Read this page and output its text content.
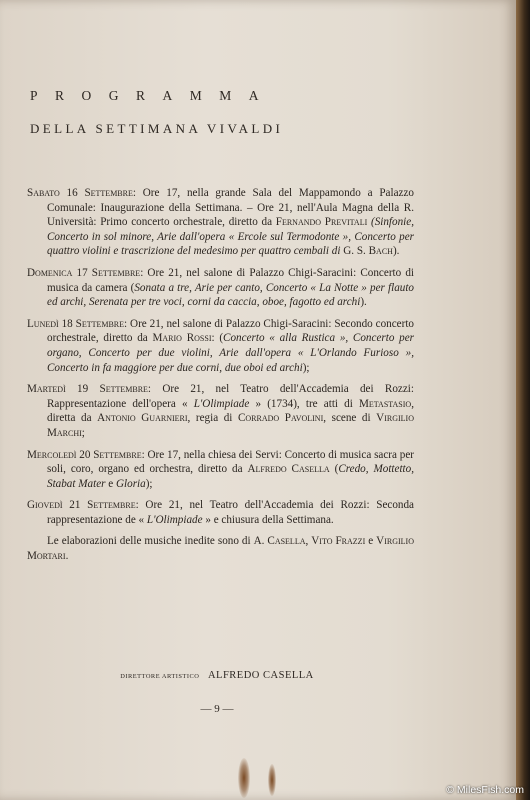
PROGRAMMA
DELLA SETTIMANA VIVALDI

Sabato 16 Settembre: Ore 17, nella grande Sala del Mappamondo a Palazzo Comunale: Inaugurazione della Settimana. – Ore 21, nell'Aula Magna della R. Università: Primo concerto orchestrale, diretto da Fernando Previtali (Sinfonie, Concerto in sol minore, Arie dall'opera « Ercole sul Termodonte », Concerto per quattro violini e trascrizione del medesimo per quattro cembali di G. S. Bach).

Domenica 17 Settembre: Ore 21, nel salone di Palazzo Chigi-Saracini: Concerto di musica da camera (Sonata a tre, Arie per canto, Concerto « La Notte » per flauto ed archi, Serenata per tre voci, corni da caccia, oboe, fagotto ed archi).

Lunedì 18 Settembre: Ore 21, nel salone di Palazzo Chigi-Saracini: Secondo concerto orchestrale, diretto da Mario Rossi: (Concerto « alla Rustica », Concerto per organo, Concerto per due violini, Arie dall'opera « L'Orlando Furioso », Concerto in fa maggiore per due corni, due oboi ed archi);

Martedì 19 Settembre: Ore 21, nel Teatro dell'Accademia dei Rozzi: Rappresentazione dell'opera « L'Olimpiade » (1734), tre atti di Metastasio, diretta da Antonio Guarnieri, regia di Corrado Pavolini, scene di Virgilio Marchi;

Mercoledì 20 Settembre: Ore 17, nella chiesa dei Servi: Concerto di musica sacra per soli, coro, organo ed orchestra, diretto da Alfredo Casella (Credo, Mottetto, Stabat Mater e Gloria);

Giovedì 21 Settembre: Ore 21, nel Teatro dell'Accademia dei Rozzi: Seconda rappresentazione de « L'Olimpiade » e chiusura della Settimana.

Le elaborazioni delle musiche inedite sono di A. Casella, Vito Frazzi e Virgilio Mortari.

DIRETTORE ARTISTICO ALFREDO CASELLA
— 9 —
© MilesFish.com
